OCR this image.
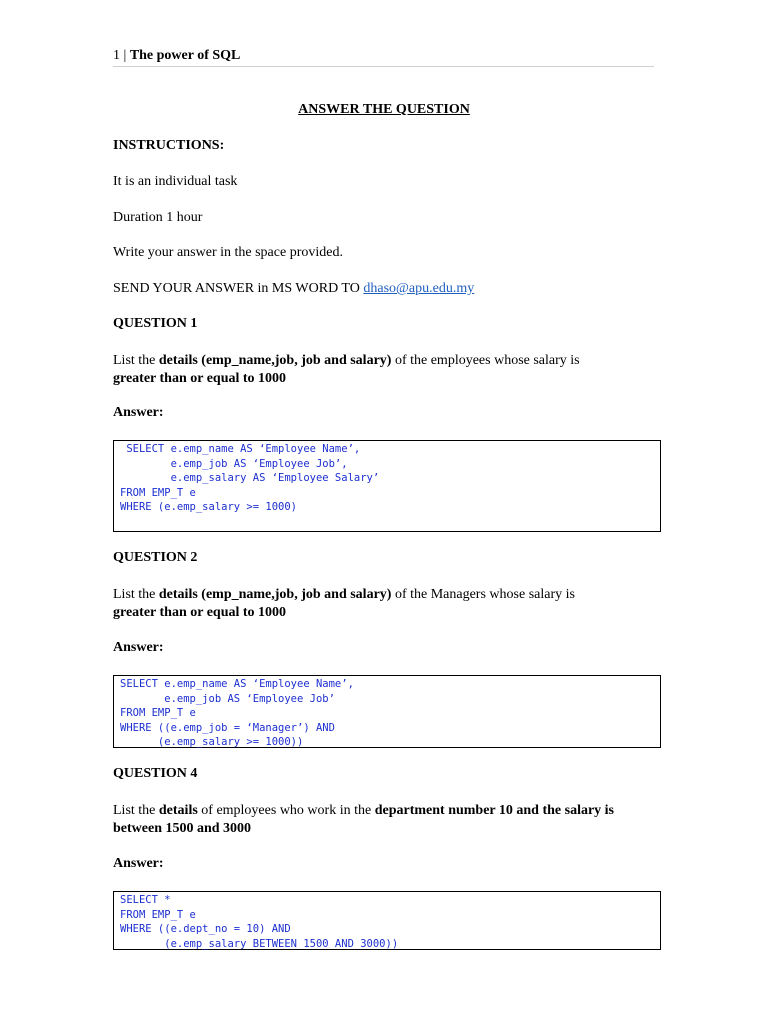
1 | The power of SQL
ANSWER THE QUESTION
INSTRUCTIONS:
It is an individual task
Duration 1 hour
Write your answer in the space provided.
SEND YOUR ANSWER in MS WORD TO dhaso@apu.edu.my
QUESTION 1
List the details (emp_name,job, job and salary) of the employees whose salary is
greater than or equal to 1000
Answer:
SELECT e.emp_name AS ‘Employee Name’,
e.emp_job AS ‘Employee Job’,
e.emp_salary AS ‘Employee Salary’
FROM EMP_T e
WHERE (e.emp_salary >= 1000)
QUESTION 2
List the details (emp_name,job, job and salary) of the Managers whose salary is
greater than or equal to 1000
Answer:
SELECT e.emp_name AS ‘Employee Name’,
e.emp_job AS ‘Employee Job’
FROM EMP_T e
WHERE ((e.emp_job = ‘Manager’) AND
(e.emp_salary >= 1000))
QUESTION 4
List the details of employees who work in the department number 10 and the salary is
between 1500 and 3000
Answer:
SELECT *
FROM EMP_T e
WHERE ((e.dept_no = 10) AND
(e.emp_salary BETWEEN 1500 AND 3000))
